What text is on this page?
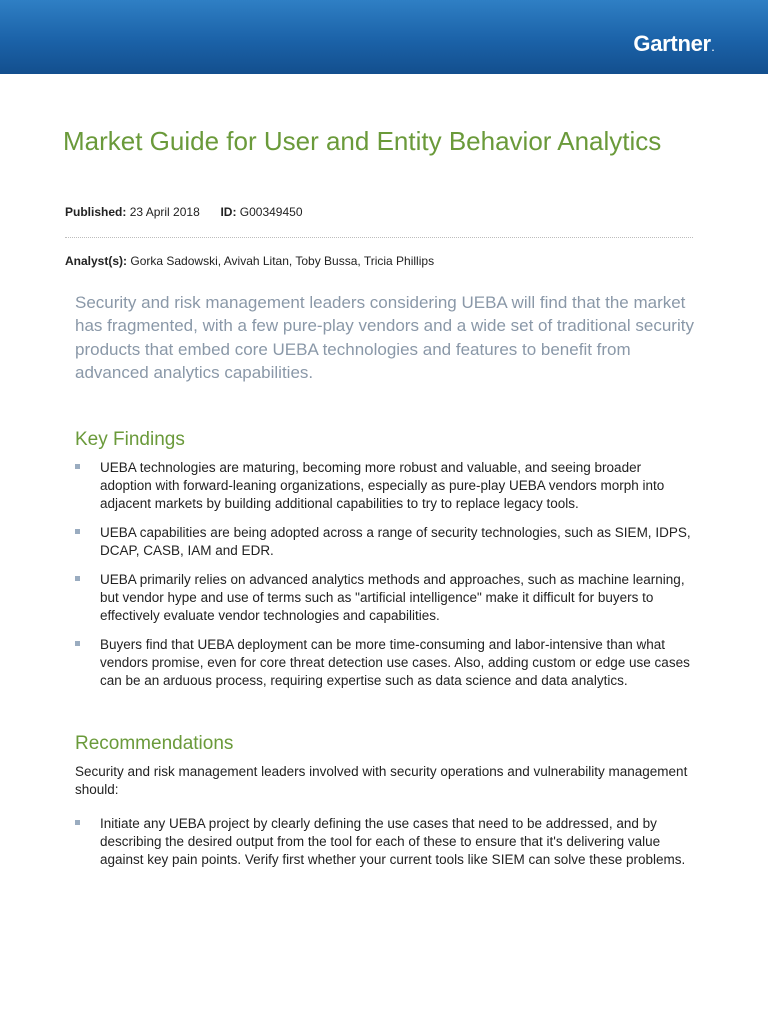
Gartner.
Market Guide for User and Entity Behavior Analytics
Published: 23 April 2018 ID: G00349450
Analyst(s): Gorka Sadowski, Avivah Litan, Toby Bussa, Tricia Phillips

Security and risk management leaders considering UEBA will find that the market has fragmented, with a few pure-play vendors and a wide set of traditional security products that embed core UEBA technologies and features to benefit from advanced analytics capabilities.

Key Findings
UEBA technologies are maturing, becoming more robust and valuable, and seeing broader adoption with forward-leaning organizations, especially as pure-play UEBA vendors morph into adjacent markets by building additional capabilities to try to replace legacy tools.
UEBA capabilities are being adopted across a range of security technologies, such as SIEM, IDPS, DCAP, CASB, IAM and EDR.
UEBA primarily relies on advanced analytics methods and approaches, such as machine learning, but vendor hype and use of terms such as "artificial intelligence" make it difficult for buyers to effectively evaluate vendor technologies and capabilities.
Buyers find that UEBA deployment can be more time-consuming and labor-intensive than what vendors promise, even for core threat detection use cases. Also, adding custom or edge use cases can be an arduous process, requiring expertise such as data science and data analytics.
Recommendations

Security and risk management leaders involved with security operations and vulnerability management should:

Initiate any UEBA project by clearly defining the use cases that need to be addressed, and by describing the desired output from the tool for each of these to ensure that it's delivering value against key pain points. Verify first whether your current tools like SIEM can solve these problems.
